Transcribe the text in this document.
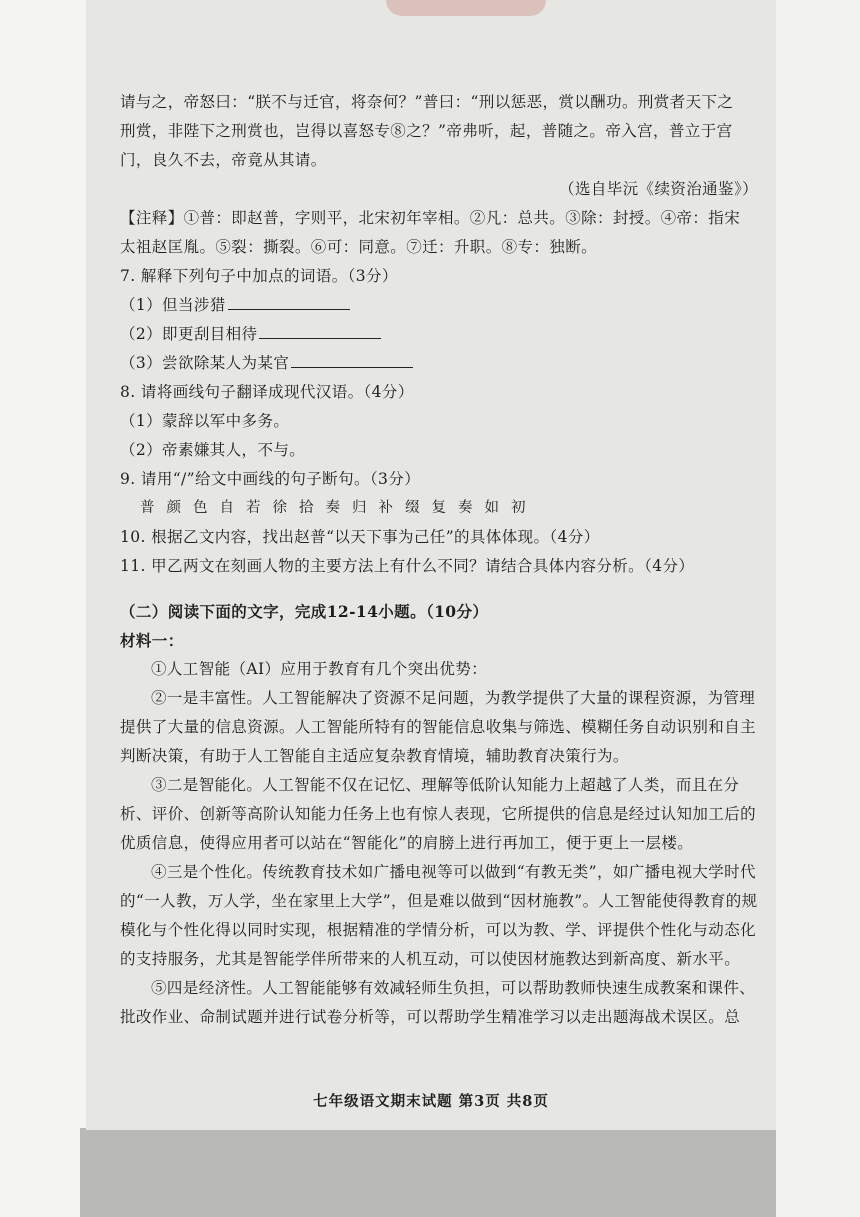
请与之，帝怒曰：“朕不与迁官，将奈何？”普曰：“刑以惩恶，赏以酬功。刑赏者天下之

刑赏，非陛下之刑赏也，岂得以喜怒专⑧之？”帝弗听，起，普随之。帝入宫，普立于宫

门，良久不去，帝竟从其请。

（选自毕沅《续资治通鉴》）

【注释】①普：即赵普，字则平，北宋初年宰相。②凡：总共。③除：封授。④帝：指宋

太祖赵匡胤。⑤裂：撕裂。⑥可：同意。⑦迁：升职。⑧专：独断。

7. 解释下列句子中加点的词语。（3分）

（1）但当涉猎

（2）即更刮目相待

（3）尝欲除某人为某官

8. 请将画线句子翻译成现代汉语。（4分）

（1）蒙辞以军中多务。

（2）帝素嫌其人，不与。

9. 请用“/”给文中画线的句子断句。（3分）

普颜色自若徐拾奏归补缀复奏如初

10. 根据乙文内容，找出赵普“以天下事为己任”的具体体现。（4分）

11. 甲乙两文在刻画人物的主要方法上有什么不同？请结合具体内容分析。（4分）

（二）阅读下面的文字，完成12-14小题。（10分）

材料一：

①人工智能（AI）应用于教育有几个突出优势：

②一是丰富性。人工智能解决了资源不足问题，为教学提供了大量的课程资源，为管理提供了大量的信息资源。人工智能所特有的智能信息收集与筛选、模糊任务自动识别和自主判断决策，有助于人工智能自主适应复杂教育情境，辅助教育决策行为。

③二是智能化。人工智能不仅在记忆、理解等低阶认知能力上超越了人类，而且在分析、评价、创新等高阶认知能力任务上也有惊人表现，它所提供的信息是经过认知加工后的优质信息，使得应用者可以站在“智能化”的肩膀上进行再加工，便于更上一层楼。

④三是个性化。传统教育技术如广播电视等可以做到“有教无类”，如广播电视大学时代的“一人教，万人学，坐在家里上大学”，但是难以做到“因材施教”。人工智能使得教育的规模化与个性化得以同时实现，根据精准的学情分析，可以为教、学、评提供个性化与动态化的支持服务，尤其是智能学伴所带来的人机互动，可以使因材施教达到新高度、新水平。

⑤四是经济性。人工智能能够有效减轻师生负担，可以帮助教师快速生成教案和课件、批改作业、命制试题并进行试卷分析等，可以帮助学生精准学习以走出题海战术误区。总

七年级语文期末试题 第3页 共8页
